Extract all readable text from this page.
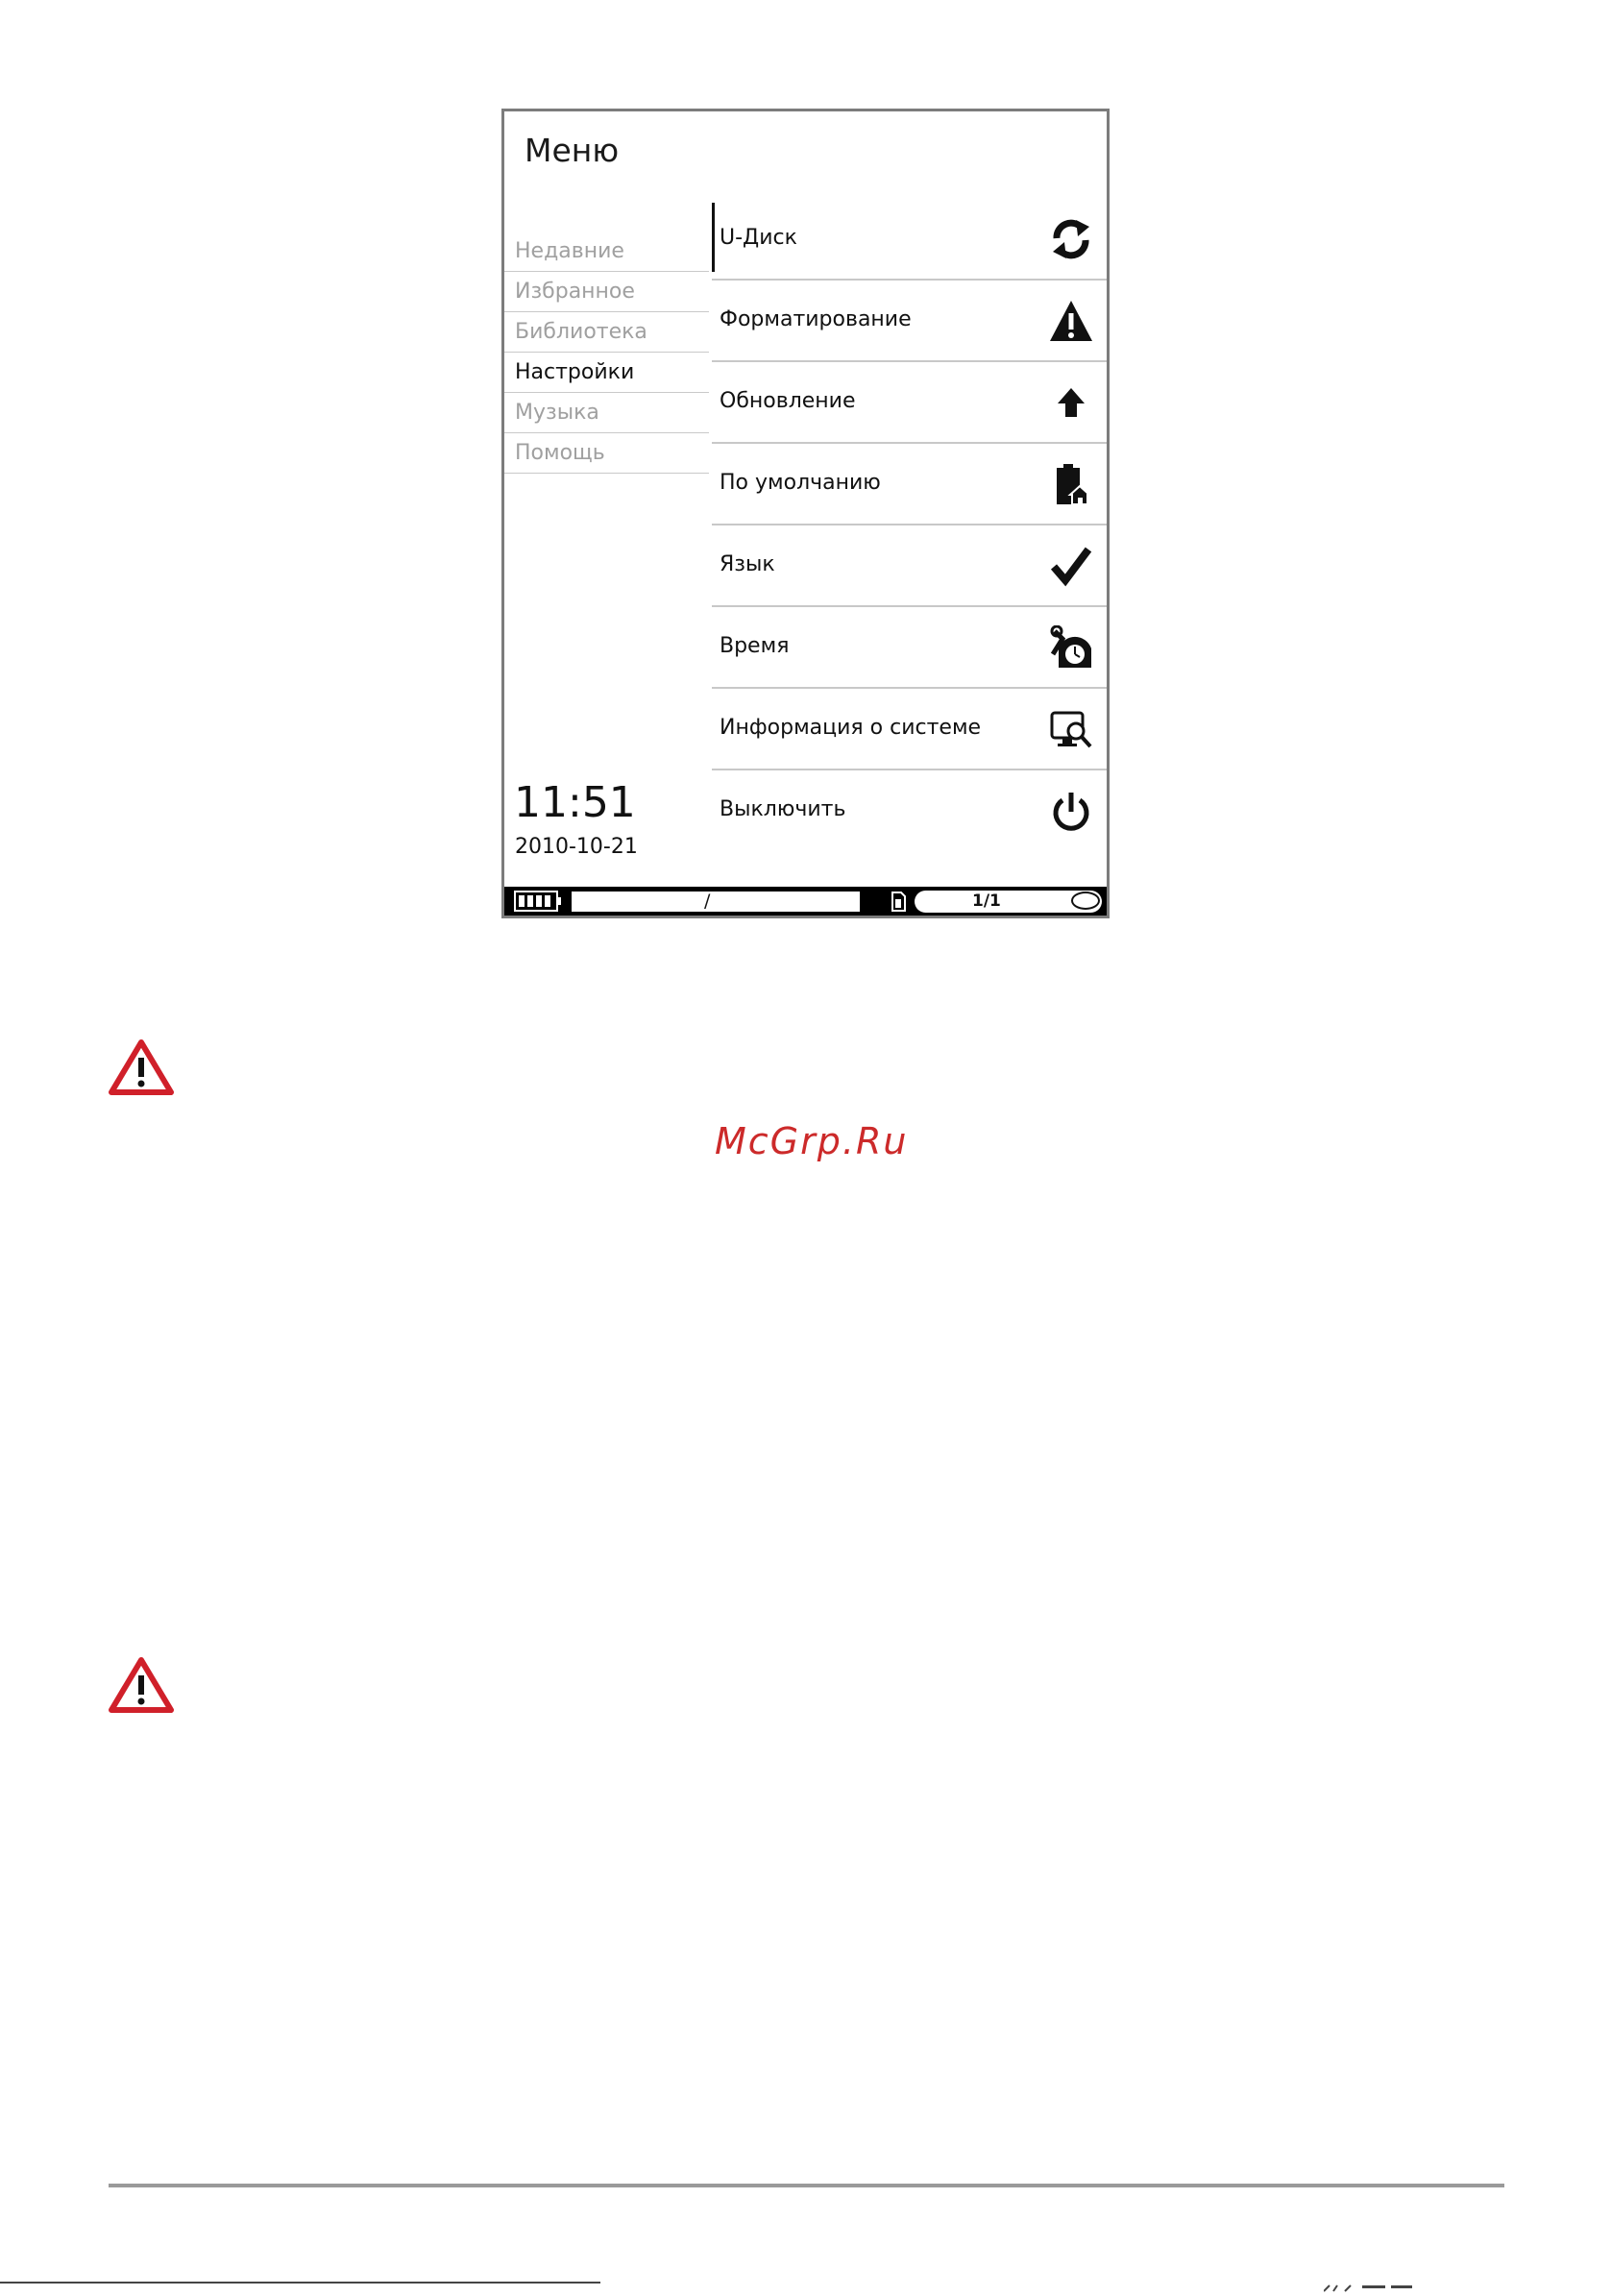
Меню
Недавние
Избранное
Библиотека
Настройки
Музыка
Помощь
11:51
2010-10-21
U-Диск
Форматирование
Обновление
По умолчанию
Язык
Время
Информация о системе
Выключить
/	1/1
McGrp.Ru
